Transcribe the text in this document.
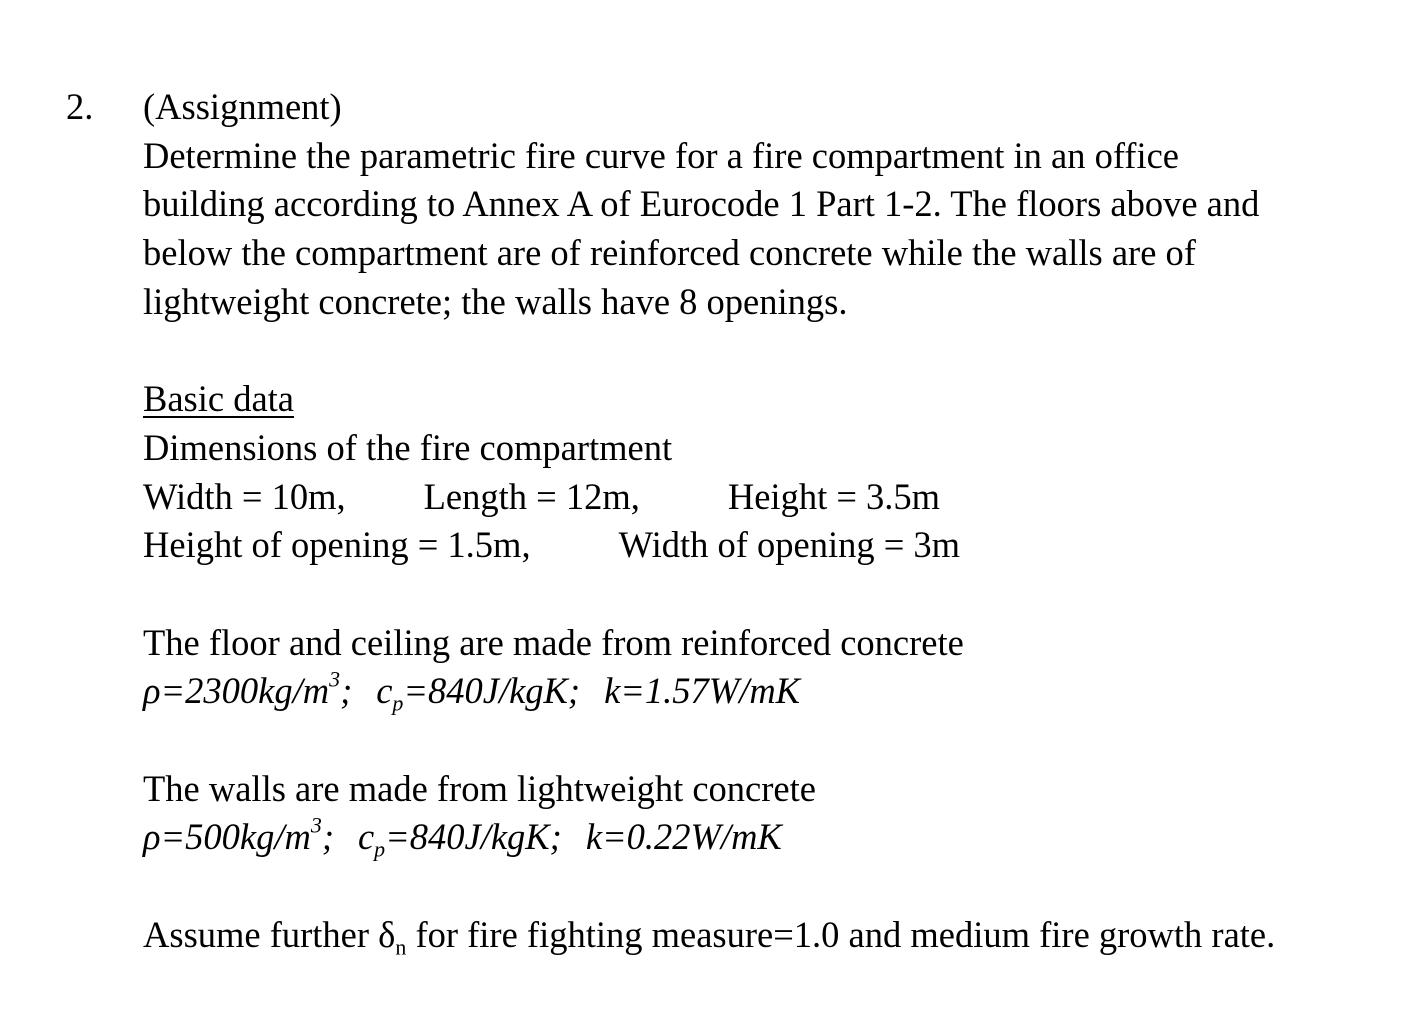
2. (Assignment)
Determine the parametric fire curve for a fire compartment in an office
building according to Annex A of Eurocode 1 Part 1-2. The floors above and
below the compartment are of reinforced concrete while the walls are of
lightweight concrete; the walls have 8 openings.
Basic data
Dimensions of the fire compartment
Width = 10m, Length = 12m, Height = 3.5m
Height of opening = 1.5m, Width of opening = 3m
The floor and ceiling are made from reinforced concrete
$\rho=2300kg/m^3$; $c_p=840J$/kgK; k=1.57W/mK
The walls are made from lightweight concrete
$\rho=500kg/m^3$; $c_p=840J$/kgK; k=0.22W/mK
Assume further $\delta_n$ for fire fighting measure=1.0 and medium fire growth rate.
